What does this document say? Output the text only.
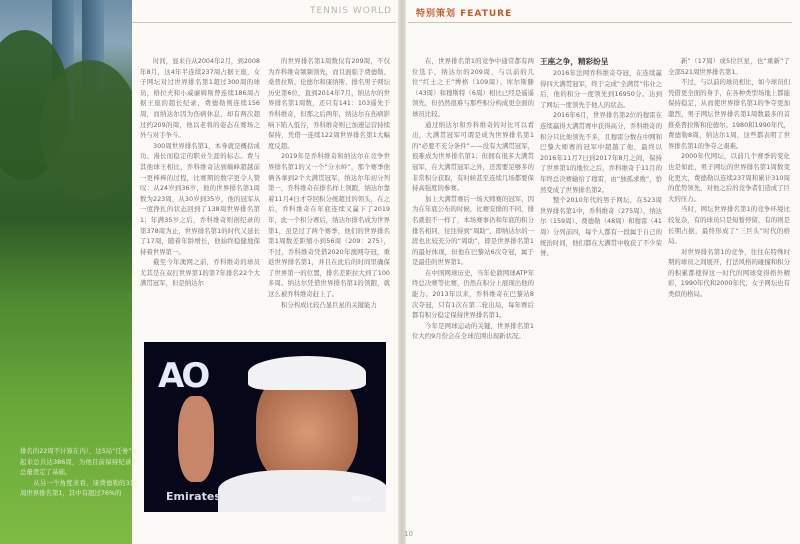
TENNIS WORLD	特别策划 FEATURE

时间，显来自从2004年2月，到2008年8月，这4年半连续237周占据王座，女子网坛对过世界排名第1超过300周的球员，格拉夫和小威廉姆斯曾连续186周占据王座的超长纪录，费德勒则连续156周，而纳达尔因为伤病休息，却有两次超过约209的周，他以老将的姿态在赛场之外与对手争斗。

300周世界排名第1，本身就是概括成功、漫长而稳定的职业生涯的标志。费与其他球王相比，乔科维奇达到巅峰超越前一更棒棒的过程，比赛期的数字更令人赞叹：从24岁到36岁，他的世界排名第1周数为223周，从30岁到35岁，他的冠军从一度挣扎的状态回到了138周世界排名第1；年满35岁之后，乔科维奇则创纪录的第378周为止，世界排名第1的时代又延长了17周，随着年龄增长，他始终稳健地保持着世界第一。

截至今年澳网之前，乔科维奇的球员尤其是在双打世界第1的第7年排名22个大满贯冠军，但是纳达尔

排名的22周不计算在内），这5局“任务”加起来总共达386周，为他目前保持纪录的总量奠定了基础。
　　从另一个角度来看，康费德勒的310周世界排名第1，其中有超过76%的

的世界排名第1周数仅有209周，不仅为乔科维奇频频领先，而且面临于费德勒、桑普拉斯、伦德尔和康纳斯，排名男子网坛历史第6位，直到2014年7月，纳达尔的世界排名第1周数，还只有141：103遥先于乔科维奇，但那之后两年，纳达尔在伤病影响下陷入低谷，乔科维奇则已加速运营持续保持，凭借一连续122周世界排名第1大幅度反超。

2019年是乔科维奇和纳达尔在竞争世界排名第1的又一个“分水岭”，那个赛季他俩各拿到2个大满贯冠军，纳达尔年初分列第一，乔科维奇在排名样上领跑，纳达尔靠着11月4日才夺回积分统超过的领头，在之后，乔科维奇在年底连续又赢下了2019年，此一个积分赛后，纳达尔排名成为世界第1，虽是过了两个赛季，他们的世界排名第1周数差距缩小到56周（209：275），不过，乔科维奇凭借2020年澳网夺冠，重返世界排名第1，并且在此后的时间里确保了世界第一的位置，排名差距拉大到了100多周。纳达尔凭借世界排名第1的领跑，就这么被乔科维奇赶上了。

积分构成比较凸显巨星的关键能力

AO
Emirates	纳达尔

在，世界排名第1的竞争中通常都有两位选手，纳达尔的209周，与以前的几位“红土之王”博格（109周）、库尔斯滕（43周）和穆斯特（6周）相比已经是遥遥领先，但仍然很难与那些积分构成更全面的球员比较。

通过纳达尔和乔科维奇的对比可以看出，大满贯冠军可谓是成为世界排名第1的“必要不充分条件”——没有大满贯冠军，很难成为世界排名第1；但拥有很多大满贯冠军，在大满贯冠军之外，还需要足够多的非常积分获取，有时候甚至连续几场都要保持高强度的参赛。

加上大满贯赛后一场大师赛的冠军，因为在年底公布的时候，比赛安排的不同，排名就很不一样了，本场赛事仍和年底的积分排名相同，往往得到“周助”，即纳达尔的一段也比较充分的“周助”，即是世界排名第1的最好体现，但他在巴黎站6次夺冠，属于是最佳的世界第1。

在中国网球历史，当年伦敦网球ATP年终总决赛等比赛，仍然在积分上展现出他的能力。2013年以来，乔科维奇在巴黎站8次夺冠，只有1次在第二轮出局，每年赛后都有积分稳定保持世界排名第1。

今年是网球运动的关键，世界排名第1位大约9月份会在全球范围出现新状况。

王座之争，精彩纷呈

2016年法网乔科维奇夺冠，在连续赢得四大满贯冠军，终于完成“全满贯”伟业之后，他的积分一度领先到16950分。达到了网坛一度领先于他人的状态。

2016年6月，世界排名第2位的穆雷在连续赢得大满贯赛中获得高分，乔科维奇的积分只比他领先不多，且穆雷分数在中网和巴黎大师赛的冠军中超越了他，最终以2016年11月7日到2017年8月之间，保持了世界第1的地位之后，乔科维奇于11月的年终总决赛输给了穆雷，由“独孤求败”，恰然变成了世界排名第2。

整个2010年代的男子网坛，在523周世界排名第1中，乔科维奇（275周）、纳达尔（159周）、费德勒（48周）和穆雷（41周）分列前四，每个人都有一段属于自己的统治时间，他们都在大满贯中收获了不少荣誉。

新”（17周）或5位巨星，也“重新”了全部521周世界排名第1。

不过，与以前的球员相比，如今球员们凭借更全面的身手，在各种类型场地上都能保持稳定，从而使世界排名第1的争夺更加激烈，男子网坛世界排名第1周数最多的首推桑普拉斯和伦德尔。1980和1990年代，费德勒8周，纳达尔1周，这些都表明了世界排名第1的争夺之艰难。

2000年代网坛，以前几个赛季的变化也是如此，男子网坛的世界排名第1周数变化更大，费德勒以连续237周和累计310周的优势领先，对他之后的竞争者们造成了巨大的压力。

当时，网坛世界排名第1的竞争环境比较复杂，有的球员只是短暂停留，有的则是长期占据，最终形成了“三巨头”时代的格局。

对世界排名第1的竞争，往往在特殊时期的球员之间展开，打法风格的碰撞和积分的积累都使得这一时代的网球变得格外精彩，1990年代和2000年代，女子网坛也有类似的格局。

10
